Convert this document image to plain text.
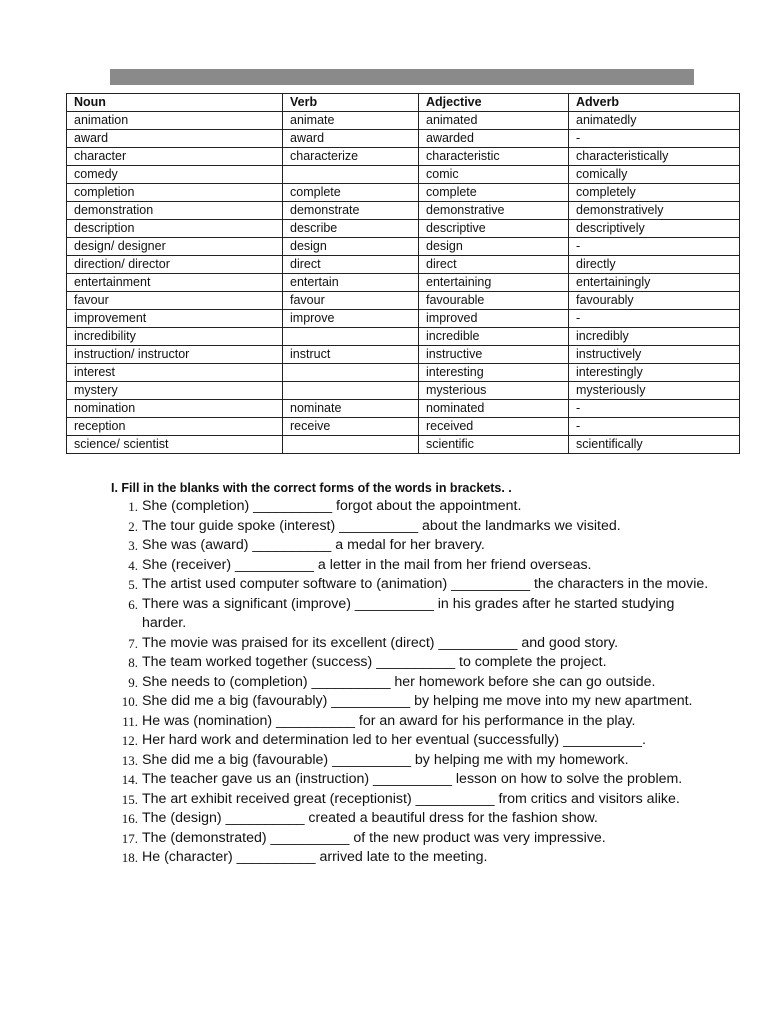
Noun	Verb	Adjective	Adverb
animation	animate	animated	animatedly
award	award	awarded	-
character	characterize	characteristic	characteristically
comedy		comic	comically
completion	complete	complete	completely
demonstration	demonstrate	demonstrative	demonstratively
description	describe	descriptive	descriptively
design/ designer	design	design	-
direction/ director	direct	direct	directly
entertainment	entertain	entertaining	entertainingly
favour	favour	favourable	favourably
improvement	improve	improved	-
incredibility		incredible	incredibly
instruction/ instructor	instruct	instructive	instructively
interest		interesting	interestingly
mystery		mysterious	mysteriously
nomination	nominate	nominated	-
reception	receive	received	-
science/ scientist		scientific	scientifically
I. Fill in the blanks with the correct forms of the words in brackets. .
1. She (completion) __________ forgot about the appointment.
2. The tour guide spoke (interest) __________ about the landmarks we visited.
3. She was (award) __________ a medal for her bravery.
4. She (receiver) __________ a letter in the mail from her friend overseas.
5. The artist used computer software to (animation) __________ the characters in the movie.
6. There was a significant (improve) __________ in his grades after he started studying harder.
7. The movie was praised for its excellent (direct) __________ and good story.
8. The team worked together (success) __________ to complete the project.
9. She needs to (completion) __________ her homework before she can go outside.
10. She did me a big (favourably) __________ by helping me move into my new apartment.
11. He was (nomination) __________ for an award for his performance in the play.
12. Her hard work and determination led to her eventual (successfully) __________.
13. She did me a big (favourable) __________ by helping me with my homework.
14. The teacher gave us an (instruction) __________ lesson on how to solve the problem.
15. The art exhibit received great (receptionist) __________ from critics and visitors alike.
16. The (design) __________ created a beautiful dress for the fashion show.
17. The (demonstrated) __________ of the new product was very impressive.
18. He (character) __________ arrived late to the meeting.
